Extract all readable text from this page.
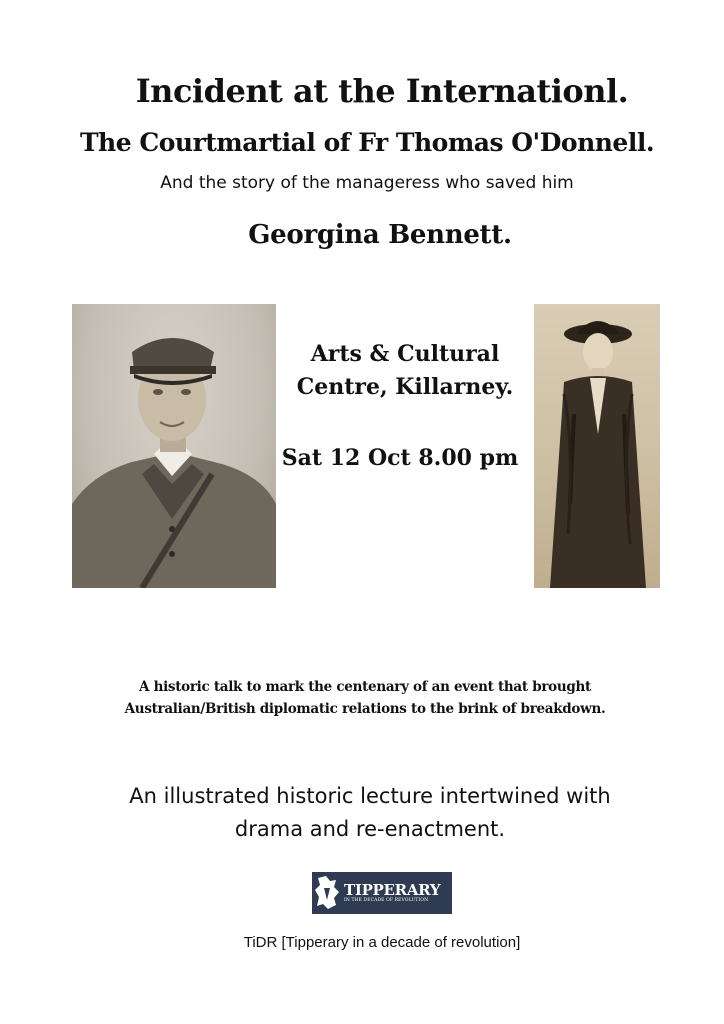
Incident at the Internationl.
The Courtmartial of Fr Thomas O'Donnell.
And the story of the manageress who saved him
Georgina Bennett.
Arts & Cultural
Centre, Killarney.
Sat 12 Oct 8.00 pm
A historic talk to mark the centenary of an event that brought
Australian/British diplomatic relations to the brink of breakdown.
An illustrated historic lecture intertwined with
drama and re-enactment.
TIPPERARY
IN THE DECADE OF REVOLUTION
TiDR [Tipperary in a decade of revolution]
